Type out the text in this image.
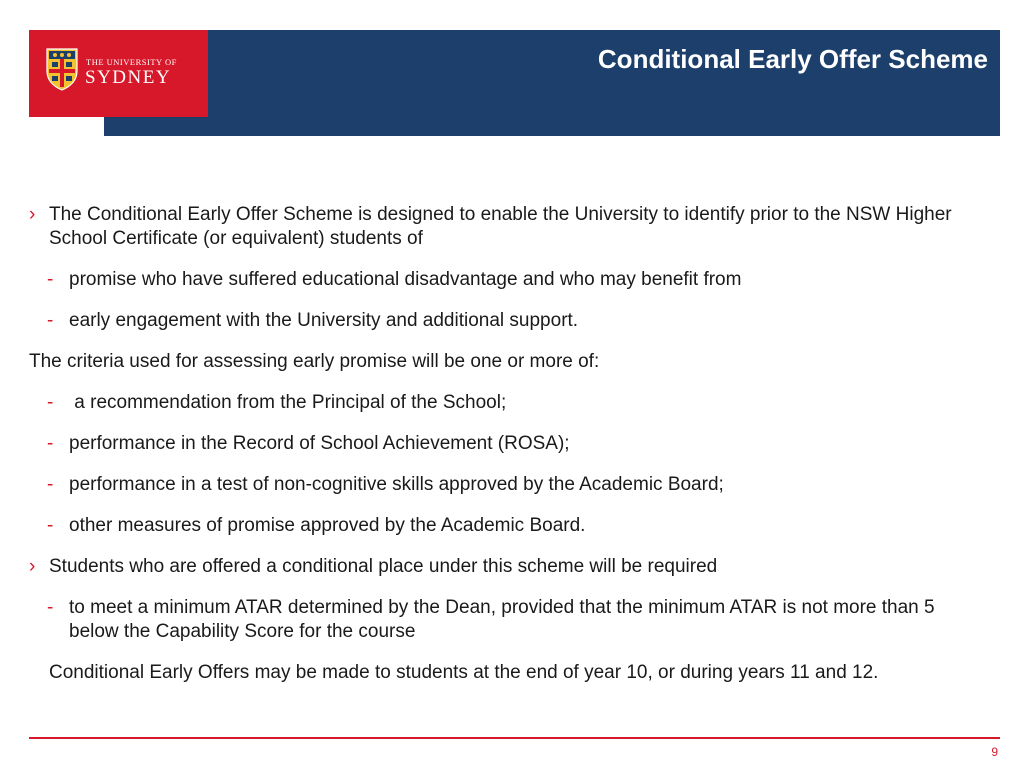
THE UNIVERSITY OF
SYDNEY
Conditional Early Offer Scheme
› The Conditional Early Offer Scheme is designed to enable the University to identify prior to the NSW Higher School Certificate (or equivalent) students of
- promise who have suffered educational disadvantage and who may benefit from
- early engagement with the University and additional support.
The criteria used for assessing early promise will be one or more of:
- a recommendation from the Principal of the School;
- performance in the Record of School Achievement (ROSA);
- performance in a test of non-cognitive skills approved by the Academic Board;
- other measures of promise approved by the Academic Board.
› Students who are offered a conditional place under this scheme will be required
- to meet a minimum ATAR determined by the Dean, provided that the minimum ATAR is not more than 5 below the Capability Score for the course
Conditional Early Offers may be made to students at the end of year 10, or during years 11 and 12.
9
